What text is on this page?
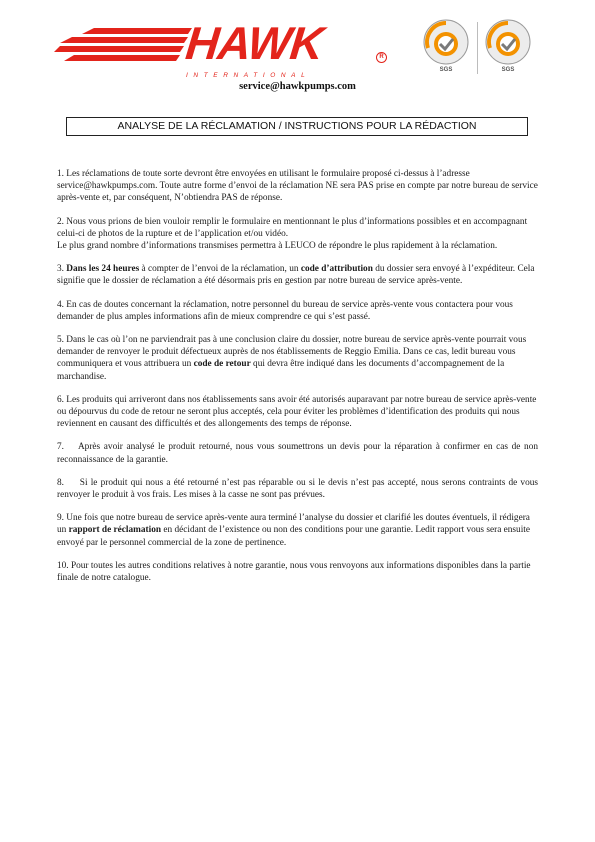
HAWK
INTERNATIONAL
R
SGS	SGS
service@hawkpumps.com
ANALYSE DE LA RÉCLAMATION / INSTRUCTIONS POUR LA RÉDACTION

1. Les réclamations de toute sorte devront être envoyées en utilisant le formulaire proposé ci-dessus à l’adresse service@hawkpumps.com. Toute autre forme d’envoi de la réclamation NE sera PAS prise en compte par notre bureau de service après-vente et, par conséquent, N’obtiendra PAS de réponse.

2. Nous vous prions de bien vouloir remplir le formulaire en mentionnant le plus d’informations possibles et en accompagnant celui-ci de photos de la rupture et de l’application et/ou vidéo.
Le plus grand nombre d’informations transmises permettra à LEUCO de répondre le plus rapidement à la réclamation.

3. Dans les 24 heures à compter de l’envoi de la réclamation, un code d’attribution du dossier sera envoyé à l’expéditeur. Cela signifie que le dossier de réclamation a été désormais pris en gestion par notre bureau de service après-vente.

4. En cas de doutes concernant la réclamation, notre personnel du bureau de service après-vente vous contactera pour vous demander de plus amples informations afin de mieux comprendre ce qui s’est passé.

5. Dans le cas où l’on ne parviendrait pas à une conclusion claire du dossier, notre bureau de service après-vente pourrait vous demander de renvoyer le produit défectueux auprès de nos établissements de Reggio Emilia. Dans ce cas, ledit bureau vous communiquera et vous attribuera un code de retour qui devra être indiqué dans les documents d’accompagnement de la marchandise.

6. Les produits qui arriveront dans nos établissements sans avoir été autorisés auparavant par notre bureau de service après-vente ou dépourvus du code de retour ne seront plus acceptés, cela pour éviter les problèmes d’identification des produits qui nous reviennent en causant des difficultés et des allongements des temps de réponse.

7.    Après avoir analysé le produit retourné, nous vous soumettrons un devis pour la réparation à confirmer en cas de non reconnaissance de la garantie.

8.     Si le produit qui nous a été retourné n’est pas réparable ou si le devis n’est pas accepté, nous serons contraints de vous renvoyer le produit à vos frais. Les mises à la casse ne sont pas prévues.

9. Une fois que notre bureau de service après-vente aura terminé l’analyse du dossier et clarifié les doutes éventuels, il rédigera un rapport de réclamation en décidant de l’existence ou non des conditions pour une garantie. Ledit rapport vous sera ensuite envoyé par le personnel commercial de la zone de pertinence.

10. Pour toutes les autres conditions relatives à notre garantie, nous vous renvoyons aux informations disponibles dans la partie finale de notre catalogue.
